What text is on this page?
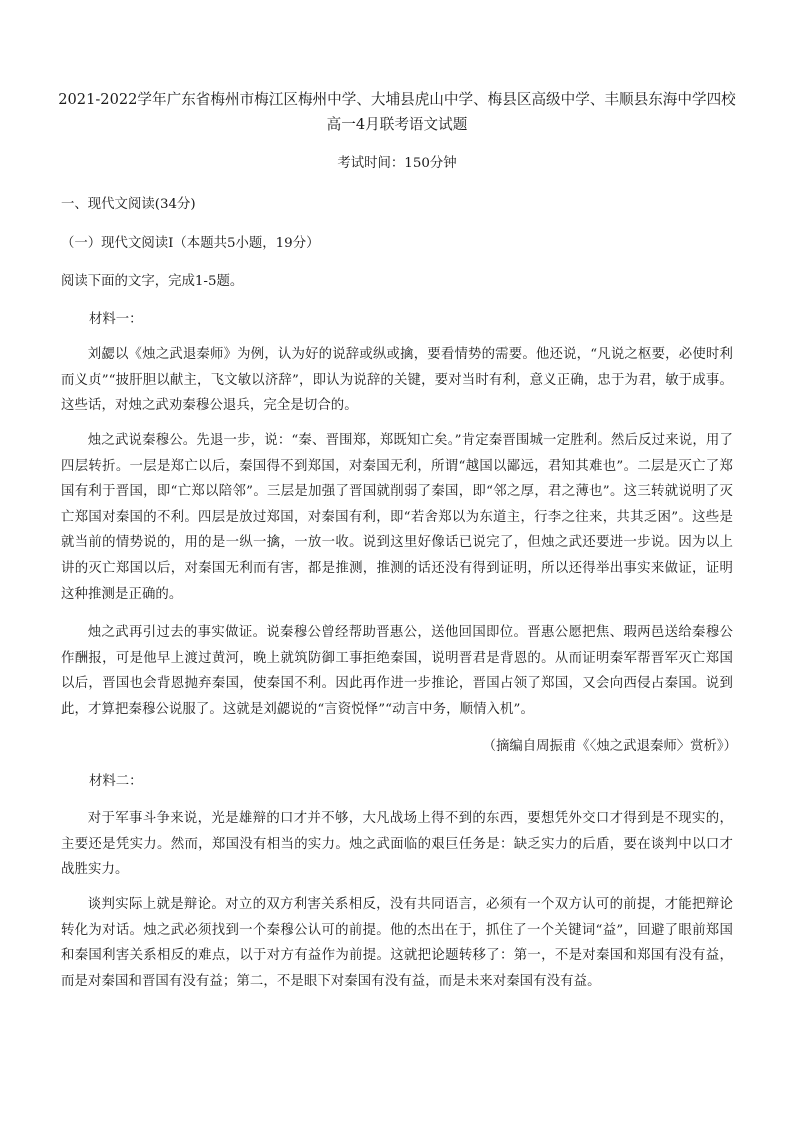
2021-2022学年广东省梅州市梅江区梅州中学、大埔县虎山中学、梅县区高级中学、丰顺县东海中学四校高一4月联考语文试题
考试时间：150分钟
一、现代文阅读(34分)
（一）现代文阅读Ⅰ（本题共5小题，19分）
阅读下面的文字，完成1-5题。
材料一：
刘勰以《烛之武退秦师》为例，认为好的说辞或纵或擒，要看情势的需要。他还说，“凡说之枢要，必使时利而义贞”“披肝胆以献主，飞文敏以济辞”，即认为说辞的关键，要对当时有利，意义正确，忠于为君，敏于成事。这些话，对烛之武劝秦穆公退兵，完全是切合的。
烛之武说秦穆公。先退一步，说：“秦、晋围郑，郑既知亡矣。”肯定秦晋围城一定胜利。然后反过来说，用了四层转折。一层是郑亡以后，秦国得不到郑国，对秦国无利，所谓“越国以鄙远，君知其难也”。二层是灭亡了郑国有利于晋国，即“亡郑以陪邻”。三层是加强了晋国就削弱了秦国，即“邻之厚，君之薄也”。这三转就说明了灭亡郑国对秦国的不利。四层是放过郑国，对秦国有利，即“若舍郑以为东道主，行李之往来，共其乏困”。这些是就当前的情势说的，用的是一纵一擒，一放一收。说到这里好像话已说完了，但烛之武还要进一步说。因为以上讲的灭亡郑国以后，对秦国无利而有害，都是推测，推测的话还没有得到证明，所以还得举出事实来做证，证明这种推测是正确的。
烛之武再引过去的事实做证。说秦穆公曾经帮助晋惠公，送他回国即位。晋惠公愿把焦、瑕两邑送给秦穆公作酬报，可是他早上渡过黄河，晚上就筑防御工事拒绝秦国，说明晋君是背恩的。从而证明秦军帮晋军灭亡郑国以后，晋国也会背恩抛弃秦国，使秦国不利。因此再作进一步推论，晋国占领了郑国，又会向西侵占秦国。说到此，才算把秦穆公说服了。这就是刘勰说的“言资悦怿”“动言中务，顺情入机”。
（摘编自周振甫《〈烛之武退秦师〉赏析》）
材料二：
对于军事斗争来说，光是雄辩的口才并不够，大凡战场上得不到的东西，要想凭外交口才得到是不现实的，主要还是凭实力。然而，郑国没有相当的实力。烛之武面临的艰巨任务是：缺乏实力的后盾，要在谈判中以口才战胜实力。
谈判实际上就是辩论。对立的双方利害关系相反，没有共同语言，必须有一个双方认可的前提，才能把辩论转化为对话。烛之武必须找到一个秦穆公认可的前提。他的杰出在于，抓住了一个关键词“益”，回避了眼前郑国和秦国利害关系相反的难点，以于对方有益作为前提。这就把论题转移了：第一，不是对秦国和郑国有没有益，而是对秦国和晋国有没有益；第二，不是眼下对秦国有没有益，而是未来对秦国有没有益。
